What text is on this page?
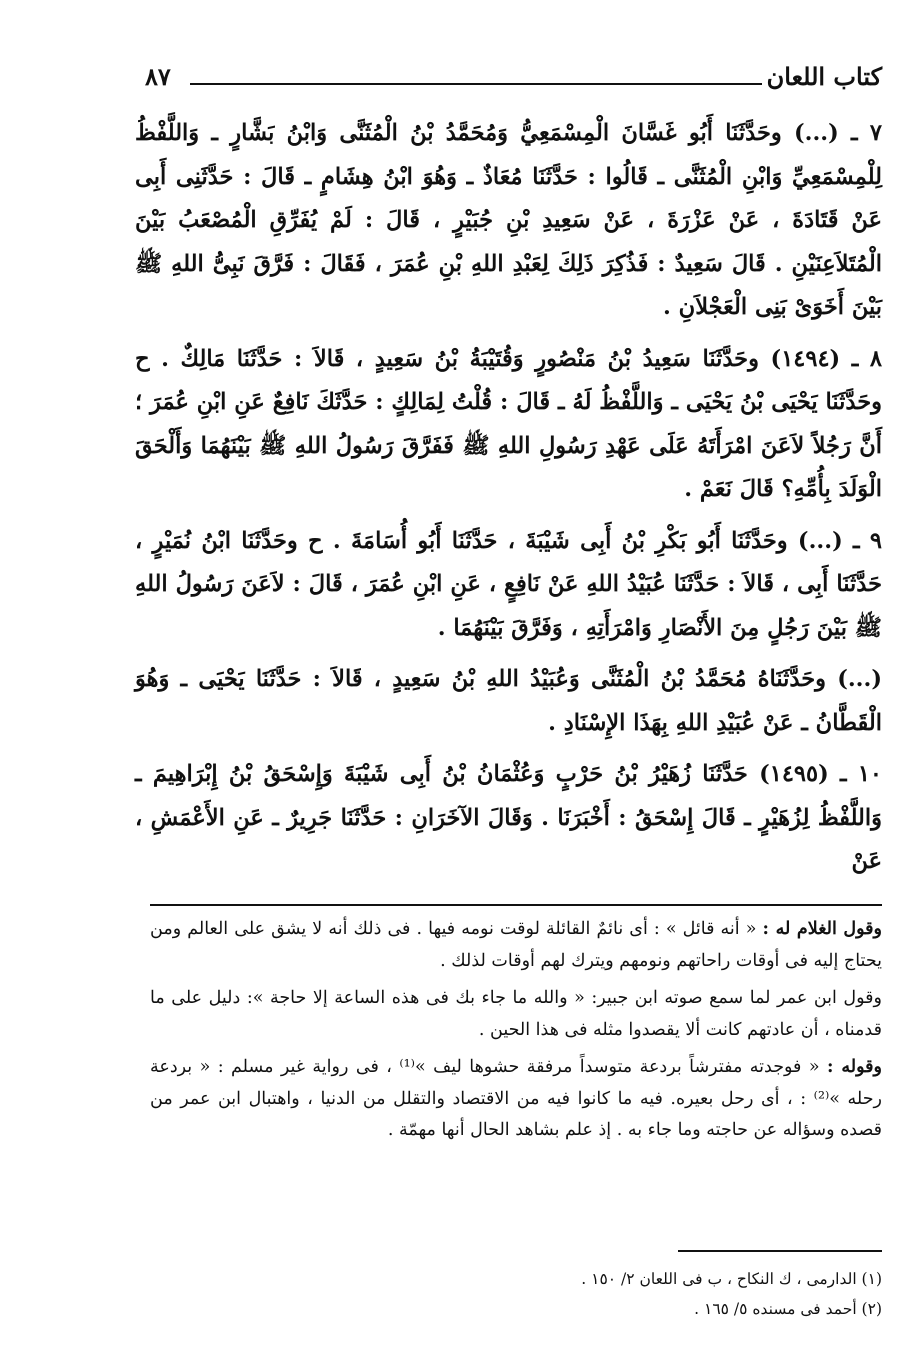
كتاب اللعان
٨٧

٧ ـ (...) وحَدَّثَنَا أَبُو غَسَّانَ الْمِسْمَعِيُّ وَمُحَمَّدُ بْنُ الْمُثَنَّى وَابْنُ بَشَّارٍ ـ وَاللَّفْظُ لِلْمِسْمَعِيِّ وَابْنِ الْمُثَنَّى ـ قَالُوا : حَدَّثَنَا مُعَاذٌ ـ وَهُوَ ابْنُ هِشَامٍ ـ قَالَ : حَدَّثَنِى أَبِى عَنْ قَتَادَةَ ، عَنْ عَزْرَةَ ، عَنْ سَعِيدِ بْنِ جُبَيْرٍ ، قَالَ : لَمْ يُفَرِّقِ الْمُصْعَبُ بَيْنَ الْمُتَلاَعِنَيْنِ . قَالَ سَعِيدٌ : فَذُكِرَ ذَلِكَ لِعَبْدِ اللهِ بْنِ عُمَرَ ، فَقَالَ : فَرَّقَ نَبِىُّ اللهِ ﷺ بَيْنَ أَخَوَىْ بَنِى الْعَجْلاَنِ .

٨ ـ (١٤٩٤) وحَدَّثَنَا سَعِيدُ بْنُ مَنْصُورٍ وَقُتَيْبَةُ بْنُ سَعِيدٍ ، قَالاَ : حَدَّثَنَا مَالِكٌ . ح وحَدَّثَنَا يَحْيَى بْنُ يَحْيَى ـ وَاللَّفْظُ لَهُ ـ قَالَ : قُلْتُ لِمَالِكٍ : حَدَّثَكَ نَافِعٌ عَنِ ابْنِ عُمَرَ ؛ أَنَّ رَجُلاً لاَعَنَ امْرَأَتَهُ عَلَى عَهْدِ رَسُولِ اللهِ ﷺ فَفَرَّقَ رَسُولُ اللهِ ﷺ بَيْنَهُمَا وَأَلْحَقَ الْوَلَدَ بِأُمِّهِ؟ قَالَ نَعَمْ .

٩ ـ (...) وحَدَّثَنَا أَبُو بَكْرِ بْنُ أَبِى شَيْبَةَ ، حَدَّثَنَا أَبُو أُسَامَةَ . ح وحَدَّثَنَا ابْنُ نُمَيْرٍ ، حَدَّثَنَا أَبِى ، قَالاَ : حَدَّثَنَا عُبَيْدُ اللهِ عَنْ نَافِعٍ ، عَنِ ابْنِ عُمَرَ ، قَالَ : لاَعَنَ رَسُولُ اللهِ ﷺ بَيْنَ رَجُلٍ مِنَ الأَنْصَارِ وَامْرَأَتِهِ ، وَفَرَّقَ بَيْنَهُمَا .

(...) وحَدَّثَنَاهُ مُحَمَّدُ بْنُ الْمُثَنَّى وَعُبَيْدُ اللهِ بْنُ سَعِيدٍ ، قَالاَ : حَدَّثَنَا يَحْيَى ـ وَهُوَ الْقَطَّانُ ـ عَنْ عُبَيْدِ اللهِ بِهَذَا الإِسْنَادِ .

١٠ ـ (١٤٩٥) حَدَّثَنَا زُهَيْرُ بْنُ حَرْبٍ وَعُثْمَانُ بْنُ أَبِى شَيْبَةَ وَإِسْحَقُ بْنُ إِبْرَاهِيمَ ـ وَاللَّفْظُ لِزُهَيْرٍ ـ قَالَ إِسْحَقُ : أَخْبَرَنَا . وَقَالَ الآخَرَانِ : حَدَّثَنَا جَرِيرٌ ـ عَنِ الأَعْمَشِ ، عَنْ

وقول الغلام له : « أنه قائل » : أى نائمٌ القائلة لوقت نومه فيها . فى ذلك أنه لا يشق على العالم ومن يحتاج إليه فى أوقات راحاتهم ونومهم ويترك لهم أوقات لذلك .

وقول ابن عمر لما سمع صوته ابن جبير: « والله ما جاء بك فى هذه الساعة إلا حاجة »: دليل على ما قدمناه ، أن عادتهم كانت ألا يقصدوا مثله فى هذا الحين .

وقوله : « فوجدته مفترشاً بردعة متوسداً مرفقة حشوها ليف »⁽¹⁾ ، فى رواية غير مسلم : « بردعة رحله »⁽²⁾ : ، أى رحل بعيره. فيه ما كانوا فيه من الاقتصاد والتقلل من الدنيا ، واهتبال ابن عمر من قصده وسؤاله عن حاجته وما جاء به . إذ علم بشاهد الحال أنها مهمّة .

(١) الدارمى ، ك النكاح ، ب فى اللعان ٢/ ١٥٠ .

(٢) أحمد فى مسنده ٥/ ١٦٥ .
